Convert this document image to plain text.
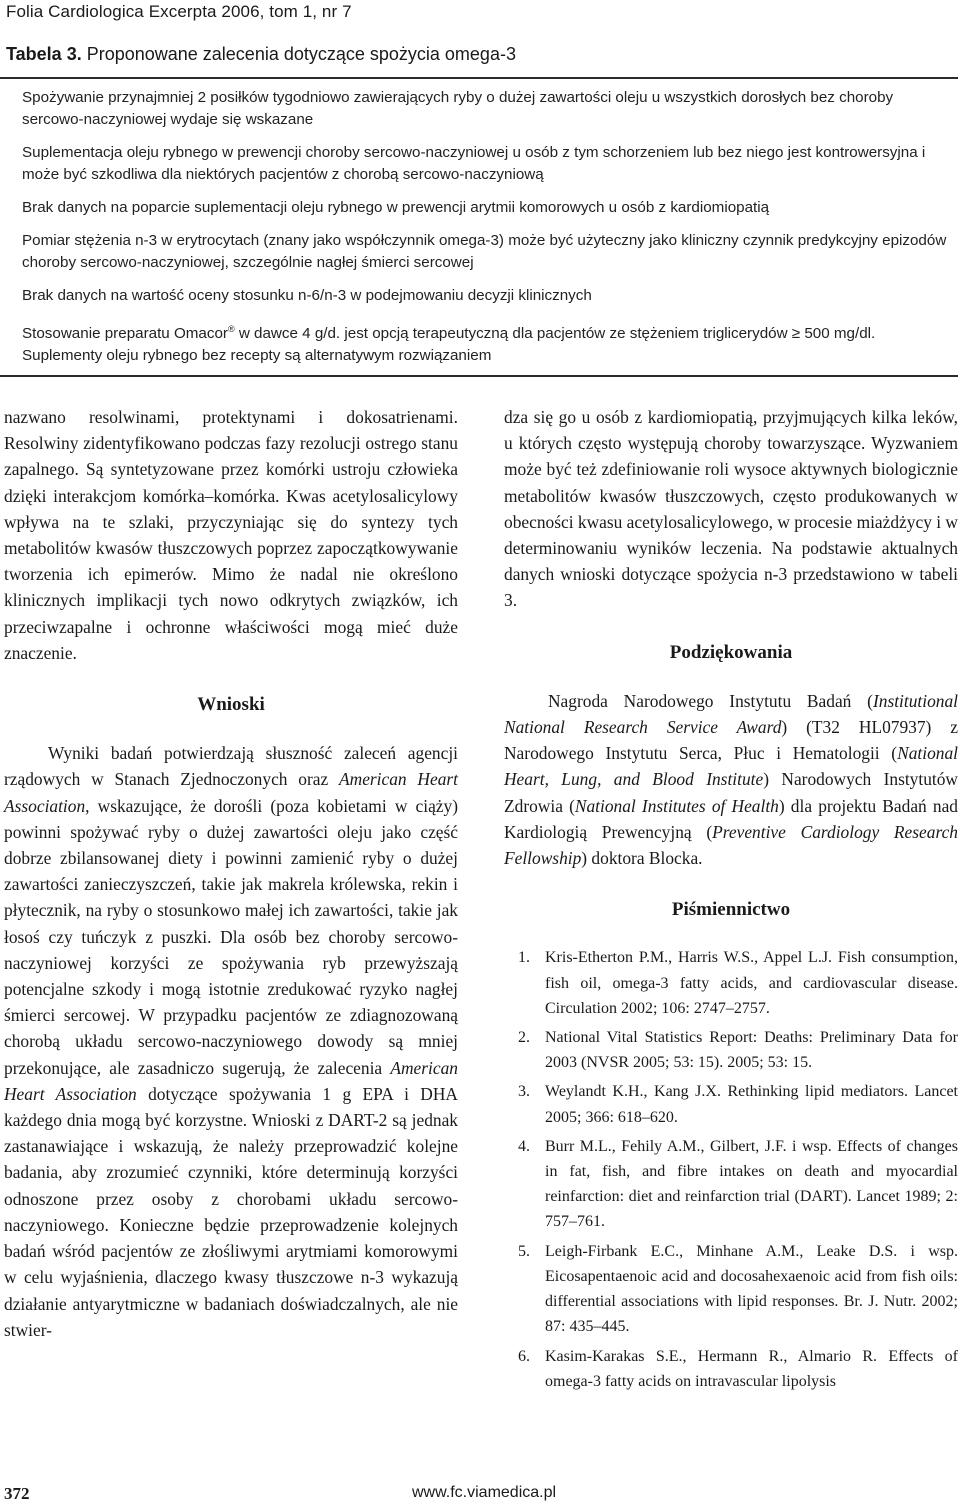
Folia Cardiologica Excerpta 2006, tom 1, nr 7
Tabela 3. Proponowane zalecenia dotyczące spożycia omega-3

Spożywanie przynajmniej 2 posiłków tygodniowo zawierających ryby o dużej zawartości oleju u wszystkich dorosłych bez choroby sercowo-naczyniowej wydaje się wskazane

Suplementacja oleju rybnego w prewencji choroby sercowo-naczyniowej u osób z tym schorzeniem lub bez niego jest kontrowersyjna i może być szkodliwa dla niektórych pacjentów z chorobą sercowo-naczyniową

Brak danych na poparcie suplementacji oleju rybnego w prewencji arytmii komorowych u osób z kardiomiopatią

Pomiar stężenia n-3 w erytrocytach (znany jako współczynnik omega-3) może być użyteczny jako kliniczny czynnik predykcyjny epizodów choroby sercowo-naczyniowej, szczególnie nagłej śmierci sercowej

Brak danych na wartość oceny stosunku n-6/n-3 w podejmowaniu decyzji klinicznych

Stosowanie preparatu Omacor® w dawce 4 g/d. jest opcją terapeutyczną dla pacjentów ze stężeniem triglicerydów ≥ 500 mg/dl. Suplementy oleju rybnego bez recepty są alternatywym rozwiązaniem

nazwano resolwinami, protektynami i dokosatrienami. Resolwiny zidentyfikowano podczas fazy rezolucji ostrego stanu zapalnego. Są syntetyzowane przez komórki ustroju człowieka dzięki interakcjom komórka–komórka. Kwas acetylosalicylowy wpływa na te szlaki, przyczyniając się do syntezy tych metabolitów kwasów tłuszczowych poprzez zapoczątkowywanie tworzenia ich epimerów. Mimo że nadal nie określono klinicznych implikacji tych nowo odkrytych związków, ich przeciwzapalne i ochronne właściwości mogą mieć duże znaczenie.

Wnioski

Wyniki badań potwierdzają słuszność zaleceń agencji rządowych w Stanach Zjednoczonych oraz American Heart Association, wskazujące, że dorośli (poza kobietami w ciąży) powinni spożywać ryby o dużej zawartości oleju jako część dobrze zbilansowanej diety i powinni zamienić ryby o dużej zawartości zanieczyszczeń, takie jak makrela królewska, rekin i płytecznik, na ryby o stosunkowo małej ich zawartości, takie jak łosoś czy tuńczyk z puszki. Dla osób bez choroby sercowo-naczyniowej korzyści ze spożywania ryb przewyższają potencjalne szkody i mogą istotnie zredukować ryzyko nagłej śmierci sercowej. W przypadku pacjentów ze zdiagnozowaną chorobą układu sercowo-naczyniowego dowody są mniej przekonujące, ale zasadniczo sugerują, że zalecenia American Heart Association dotyczące spożywania 1 g EPA i DHA każdego dnia mogą być korzystne. Wnioski z DART-2 są jednak zastanawiające i wskazują, że należy przeprowadzić kolejne badania, aby zrozumieć czynniki, które determinują korzyści odnoszone przez osoby z chorobami układu sercowo-naczyniowego. Konieczne będzie przeprowadzenie kolejnych badań wśród pacjentów ze złośliwymi arytmiami komorowymi w celu wyjaśnienia, dlaczego kwasy tłuszczowe n-3 wykazują działanie antyarytmiczne w badaniach doświadczalnych, ale nie stwier-

dza się go u osób z kardiomiopatią, przyjmujących kilka leków, u których często występują choroby towarzyszące. Wyzwaniem może być też zdefiniowanie roli wysoce aktywnych biologicznie metabolitów kwasów tłuszczowych, często produkowanych w obecności kwasu acetylosalicylowego, w procesie miażdżycy i w determinowaniu wyników leczenia. Na podstawie aktualnych danych wnioski dotyczące spożycia n-3 przedstawiono w tabeli 3.

Podziękowania

Nagroda Narodowego Instytutu Badań (Institutional National Research Service Award) (T32 HL07937) z Narodowego Instytutu Serca, Płuc i Hematologii (National Heart, Lung, and Blood Institute) Narodowych Instytutów Zdrowia (National Institutes of Health) dla projektu Badań nad Kardiologią Prewencyjną (Preventive Cardiology Research Fellowship) doktora Blocka.

Piśmiennictwo
1. Kris-Etherton P.M., Harris W.S., Appel L.J. Fish consumption, fish oil, omega-3 fatty acids, and cardiovascular disease. Circulation 2002; 106: 2747–2757.
2. National Vital Statistics Report: Deaths: Preliminary Data for 2003 (NVSR 2005; 53: 15). 2005; 53: 15.
3. Weylandt K.H., Kang J.X. Rethinking lipid mediators. Lancet 2005; 366: 618–620.
4. Burr M.L., Fehily A.M., Gilbert, J.F. i wsp. Effects of changes in fat, fish, and fibre intakes on death and myocardial reinfarction: diet and reinfarction trial (DART). Lancet 1989; 2: 757–761.
5. Leigh-Firbank E.C., Minhane A.M., Leake D.S. i wsp. Eicosapentaenoic acid and docosahexaenoic acid from fish oils: differential associations with lipid responses. Br. J. Nutr. 2002; 87: 435–445.
6. Kasim-Karakas S.E., Hermann R., Almario R. Effects of omega-3 fatty acids on intravascular lipolysis
372	www.fc.viamedica.pl
